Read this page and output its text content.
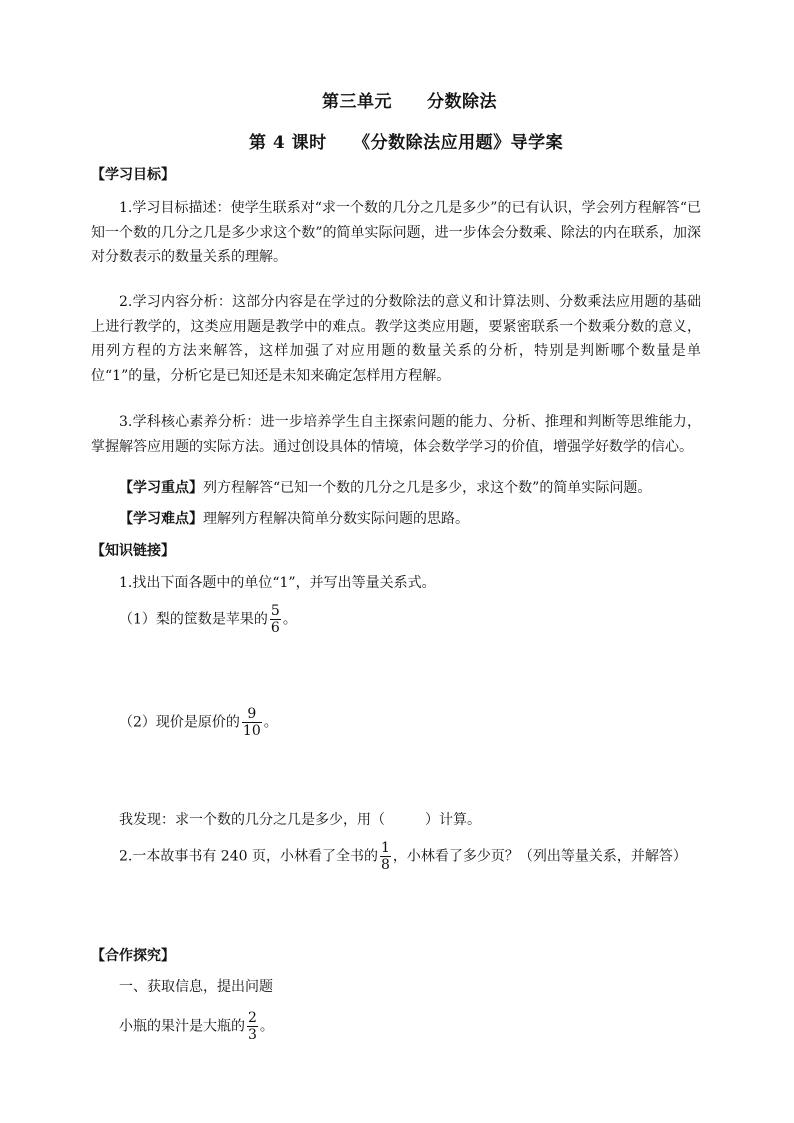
第三单元　　分数除法
第 4 课时　　《分数除法应用题》导学案
【学习目标】
1.学习目标描述：使学生联系对“求一个数的几分之几是多少”的已有认识，学会列方程解答“已知一个数的几分之几是多少求这个数”的简单实际问题，进一步体会分数乘、除法的内在联系，加深对分数表示的数量关系的理解。
2.学习内容分析：这部分内容是在学过的分数除法的意义和计算法则、分数乘法应用题的基础上进行教学的，这类应用题是教学中的难点。教学这类应用题，要紧密联系一个数乘分数的意义，用列方程的方法来解答，这样加强了对应用题的数量关系的分析，特别是判断哪个数量是单位“1”的量，分析它是已知还是未知来确定怎样用方程解。
3.学科核心素养分析：进一步培养学生自主探索问题的能力、分析、推理和判断等思维能力，掌握解答应用题的实际方法。通过创设具体的情境，体会数学学习的价值，增强学好数学的信心。
【学习重点】列方程解答“已知一个数的几分之几是多少，求这个数”的简单实际问题。
【学习难点】理解列方程解决简单分数实际问题的思路。
【知识链接】
1.找出下面各题中的单位“1”，并写出等量关系式。
（1）梨的筐数是苹果的 $\frac{5}{6}$ 。
（2）现价是原价的 $\frac{9}{10}$ 。
我发现：求一个数的几分之几是多少，用（	）计算。
2.一本故事书有 240 页，小林看了全书的 $\frac{1}{8}$ ，小林看了多少页？（列出等量关系，并解答）
【合作探究】
一、获取信息，提出问题
小瓶的果汁是大瓶的 $\frac{2}{3}$ 。
